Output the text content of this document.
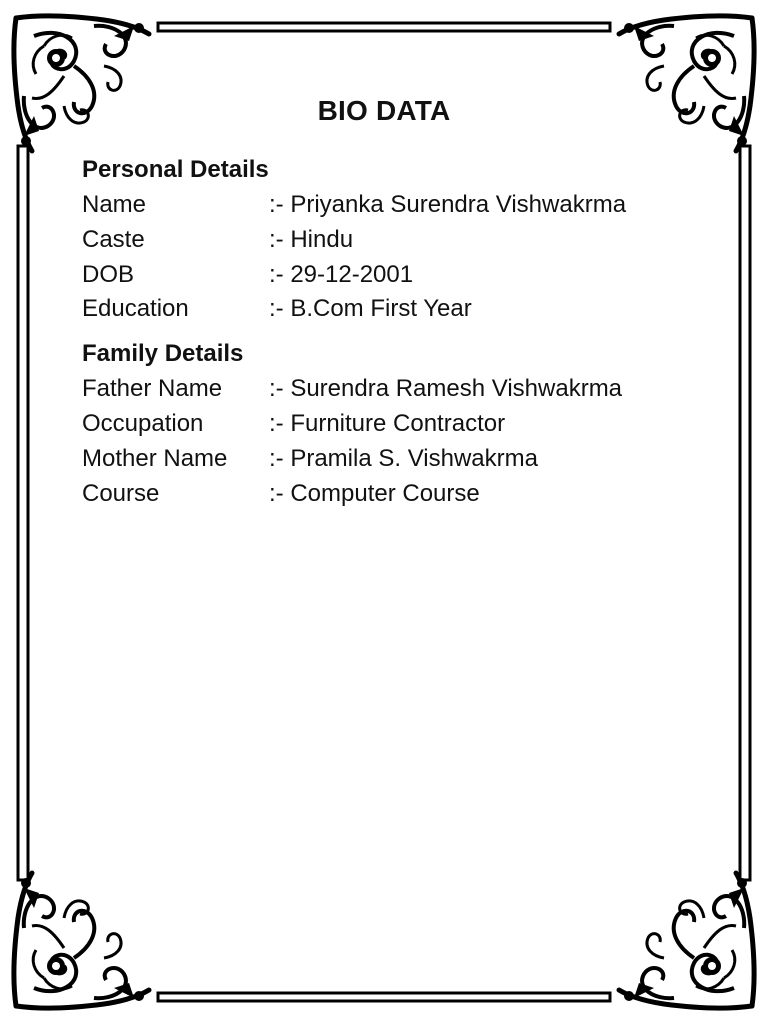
BIO DATA
Personal Details
Name	:- Priyanka Surendra Vishwakrma
Caste	:- Hindu
DOB	:- 29-12-2001
Education	:- B.Com First Year
Family Details
Father Name :- Surendra Ramesh Vishwakrma
Occupation	:- Furniture Contractor
Mother Name :- Pramila S. Vishwakrma
Course	:- Computer Course
